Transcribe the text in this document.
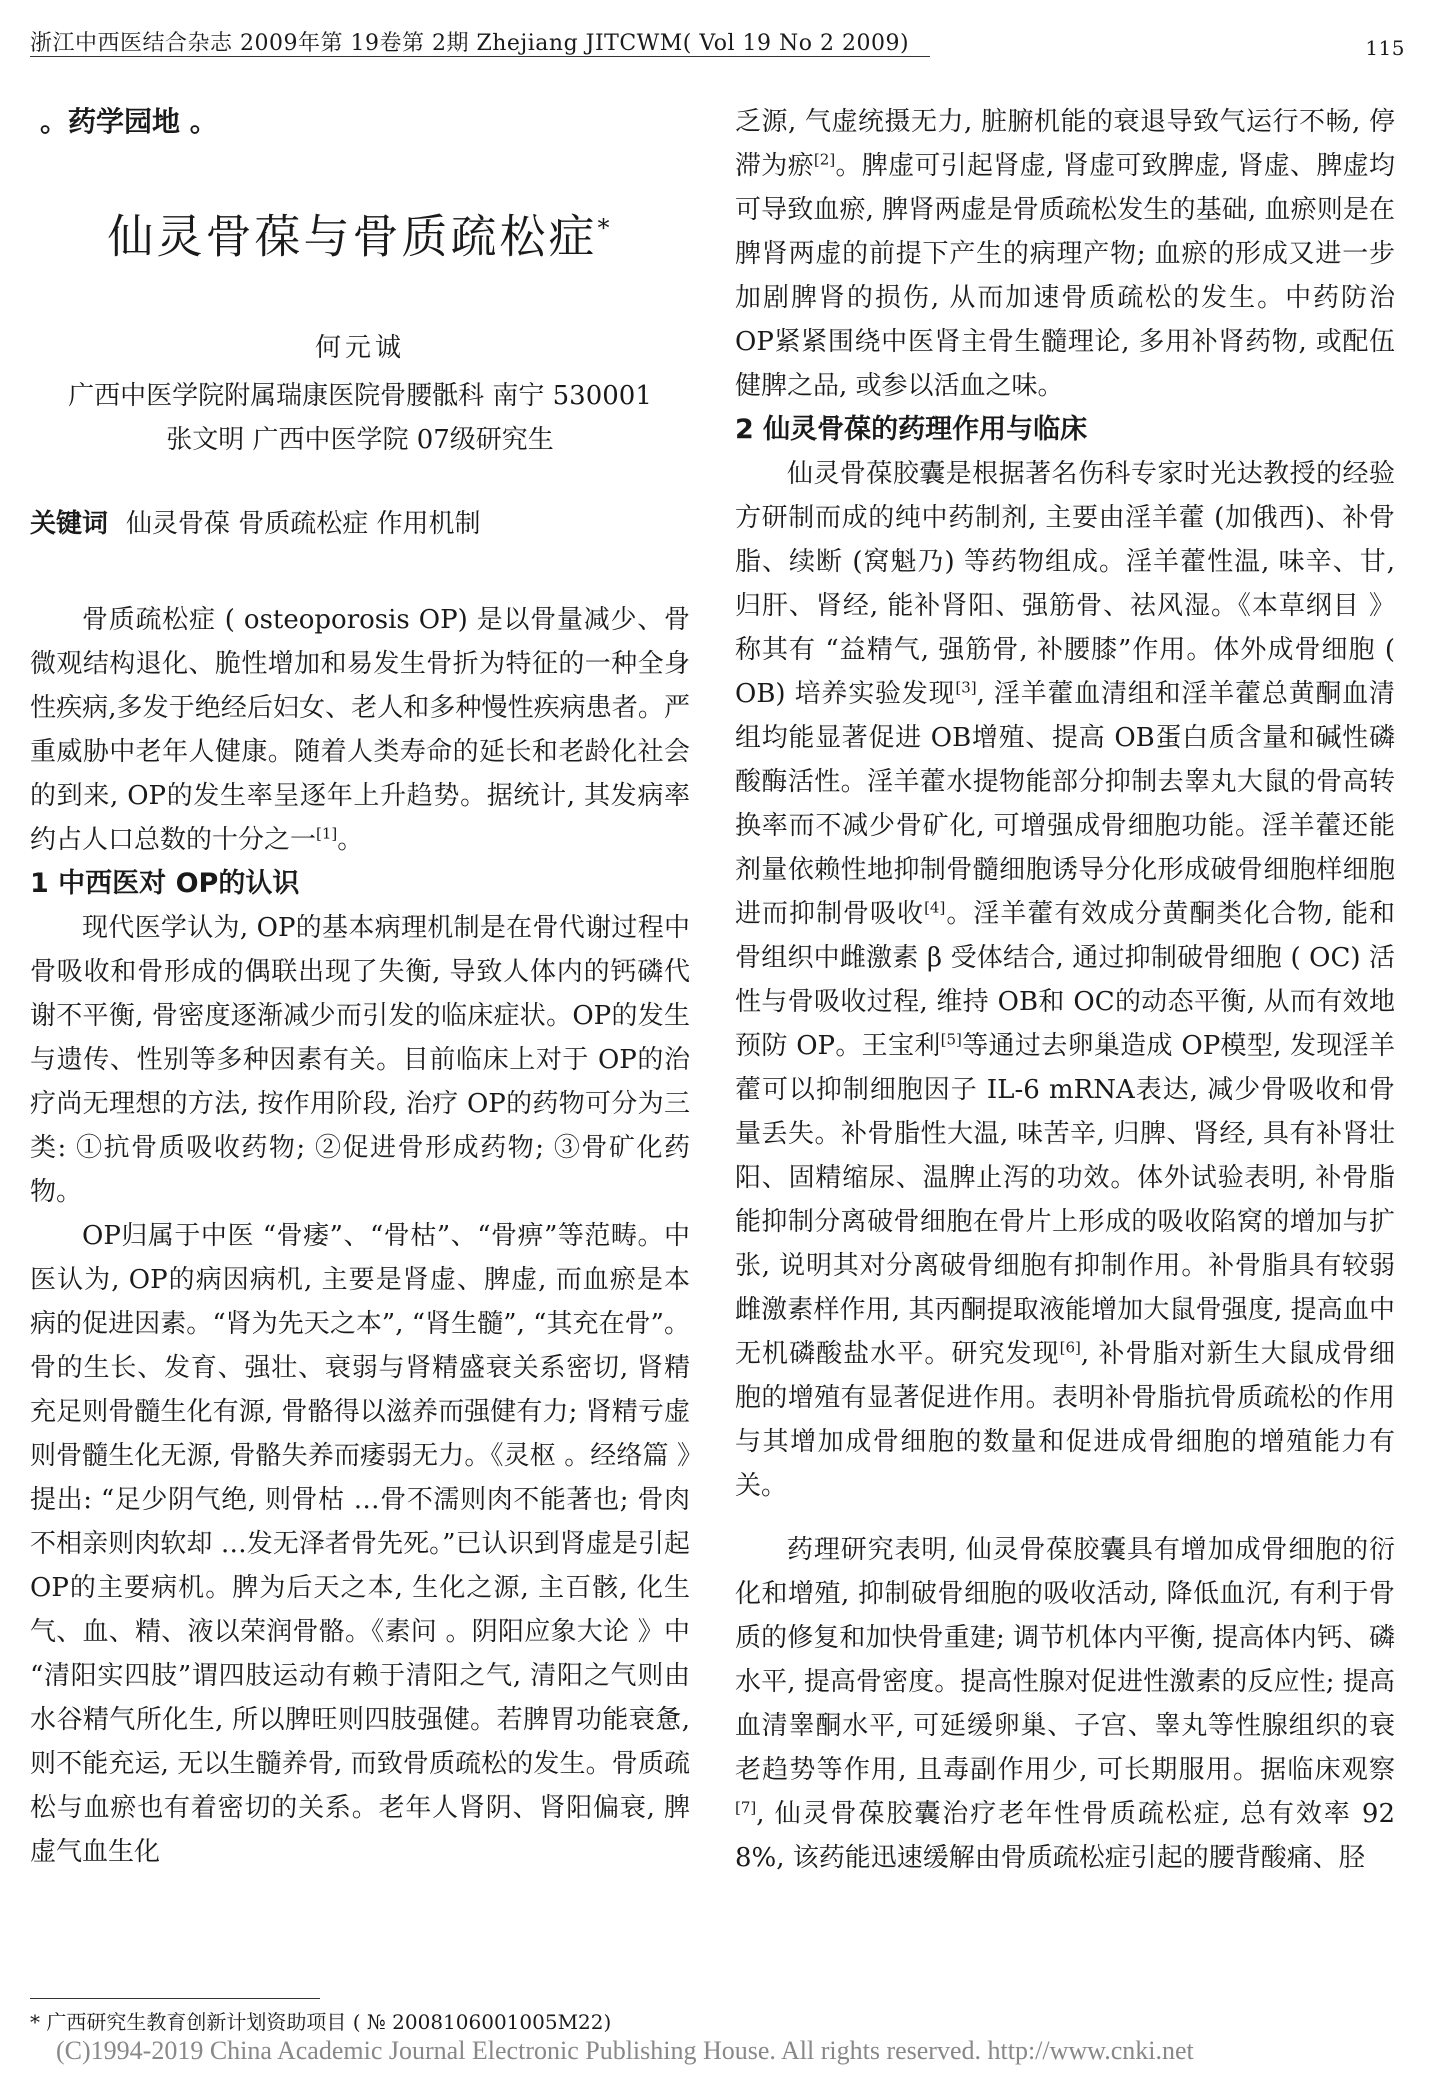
浙江中西医结合杂志 2009年第 19卷第 2期 Zhejiang JITCWM( Vol 19 No 2 2009)	115
。药学园地 。
仙灵骨葆与骨质疏松症*
何元诚
广西中医学院附属瑞康医院骨腰骶科 南宁 530001
张文明 广西中医学院 07级研究生
关键词 仙灵骨葆 骨质疏松症 作用机制

骨质疏松症 ( osteoporosis OP) 是以骨量减少、骨微观结构退化、脆性增加和易发生骨折为特征的一种全身性疾病,多发于绝经后妇女、老人和多种慢性疾病患者。严重威胁中老年人健康。随着人类寿命的延长和老龄化社会的到来, OP的发生率呈逐年上升趋势。据统计, 其发病率约占人口总数的十分之一[1]。

1 中西医对 OP的认识

现代医学认为, OP的基本病理机制是在骨代谢过程中骨吸收和骨形成的偶联出现了失衡, 导致人体内的钙磷代谢不平衡, 骨密度逐渐减少而引发的临床症状。OP的发生与遗传、性别等多种因素有关。目前临床上对于 OP的治疗尚无理想的方法, 按作用阶段, 治疗 OP的药物可分为三类: ①抗骨质吸收药物; ②促进骨形成药物; ③骨矿化药物。

OP归属于中医 “骨痿”、“骨枯”、“骨痹”等范畴。中医认为, OP的病因病机, 主要是肾虚、脾虚, 而血瘀是本病的促进因素。“肾为先天之本”, “肾生髓”, “其充在骨”。骨的生长、发育、强壮、衰弱与肾精盛衰关系密切, 肾精充足则骨髓生化有源, 骨骼得以滋养而强健有力; 肾精亏虚则骨髓生化无源, 骨骼失养而痿弱无力。《灵枢 。经络篇 》提出: “足少阴气绝, 则骨枯 …骨不濡则肉不能著也; 骨肉不相亲则肉软却 …发无泽者骨先死。”已认识到肾虚是引起 OP的主要病机。脾为后天之本, 生化之源, 主百骸, 化生气、血、精、液以荣润骨骼。《素问 。阴阳应象大论 》中 “清阳实四肢”谓四肢运动有赖于清阳之气, 清阳之气则由水谷精气所化生, 所以脾旺则四肢强健。若脾胃功能衰惫, 则不能充运, 无以生髓养骨, 而致骨质疏松的发生。骨质疏松与血瘀也有着密切的关系。老年人肾阴、肾阳偏衰, 脾虚气血生化

乏源, 气虚统摄无力, 脏腑机能的衰退导致气运行不畅, 停滞为瘀[2]。脾虚可引起肾虚, 肾虚可致脾虚, 肾虚、脾虚均可导致血瘀, 脾肾两虚是骨质疏松发生的基础, 血瘀则是在脾肾两虚的前提下产生的病理产物; 血瘀的形成又进一步加剧脾肾的损伤, 从而加速骨质疏松的发生。中药防治 OP紧紧围绕中医肾主骨生髓理论, 多用补肾药物, 或配伍健脾之品, 或参以活血之味。

2 仙灵骨葆的药理作用与临床

仙灵骨葆胶囊是根据著名伤科专家时光达教授的经验方研制而成的纯中药制剂, 主要由淫羊藿 (加俄西)、补骨脂、续断 (窝魁乃) 等药物组成。淫羊藿性温, 味辛、甘, 归肝、肾经, 能补肾阳、强筋骨、祛风湿。《本草纲目 》称其有 “益精气, 强筋骨, 补腰膝”作用。体外成骨细胞 ( OB) 培养实验发现[3], 淫羊藿血清组和淫羊藿总黄酮血清组均能显著促进 OB增殖、提高 OB蛋白质含量和碱性磷酸酶活性。淫羊藿水提物能部分抑制去睾丸大鼠的骨高转换率而不减少骨矿化, 可增强成骨细胞功能。淫羊藿还能剂量依赖性地抑制骨髓细胞诱导分化形成破骨细胞样细胞进而抑制骨吸收[4]。淫羊藿有效成分黄酮类化合物, 能和骨组织中雌激素 β 受体结合, 通过抑制破骨细胞 ( OC) 活性与骨吸收过程, 维持 OB和 OC的动态平衡, 从而有效地预防 OP。王宝利[5]等通过去卵巢造成 OP模型, 发现淫羊藿可以抑制细胞因子 IL-6 mRNA表达, 减少骨吸收和骨量丢失。补骨脂性大温, 味苦辛, 归脾、肾经, 具有补肾壮阳、固精缩尿、温脾止泻的功效。体外试验表明, 补骨脂能抑制分离破骨细胞在骨片上形成的吸收陷窝的增加与扩张, 说明其对分离破骨细胞有抑制作用。补骨脂具有较弱雌激素样作用, 其丙酮提取液能增加大鼠骨强度, 提高血中无机磷酸盐水平。研究发现[6], 补骨脂对新生大鼠成骨细胞的增殖有显著促进作用。表明补骨脂抗骨质疏松的作用与其增加成骨细胞的数量和促进成骨细胞的增殖能力有关。

药理研究表明, 仙灵骨葆胶囊具有增加成骨细胞的衍化和增殖, 抑制破骨细胞的吸收活动, 降低血沉, 有利于骨质的修复和加快骨重建; 调节机体内平衡, 提高体内钙、磷水平, 提高骨密度。提高性腺对促进性激素的反应性; 提高血清睾酮水平, 可延缓卵巢、子宫、睾丸等性腺组织的衰老趋势等作用, 且毒副作用少, 可长期服用。据临床观察[7], 仙灵骨葆胶囊治疗老年性骨质疏松症, 总有效率 92 8%, 该药能迅速缓解由骨质疏松症引起的腰背酸痛、胫

* 广西研究生教育创新计划资助项目 ( № 2008106001005M22)
(C)1994-2019 China Academic Journal Electronic Publishing House. All rights reserved. http://www.cnki.net
